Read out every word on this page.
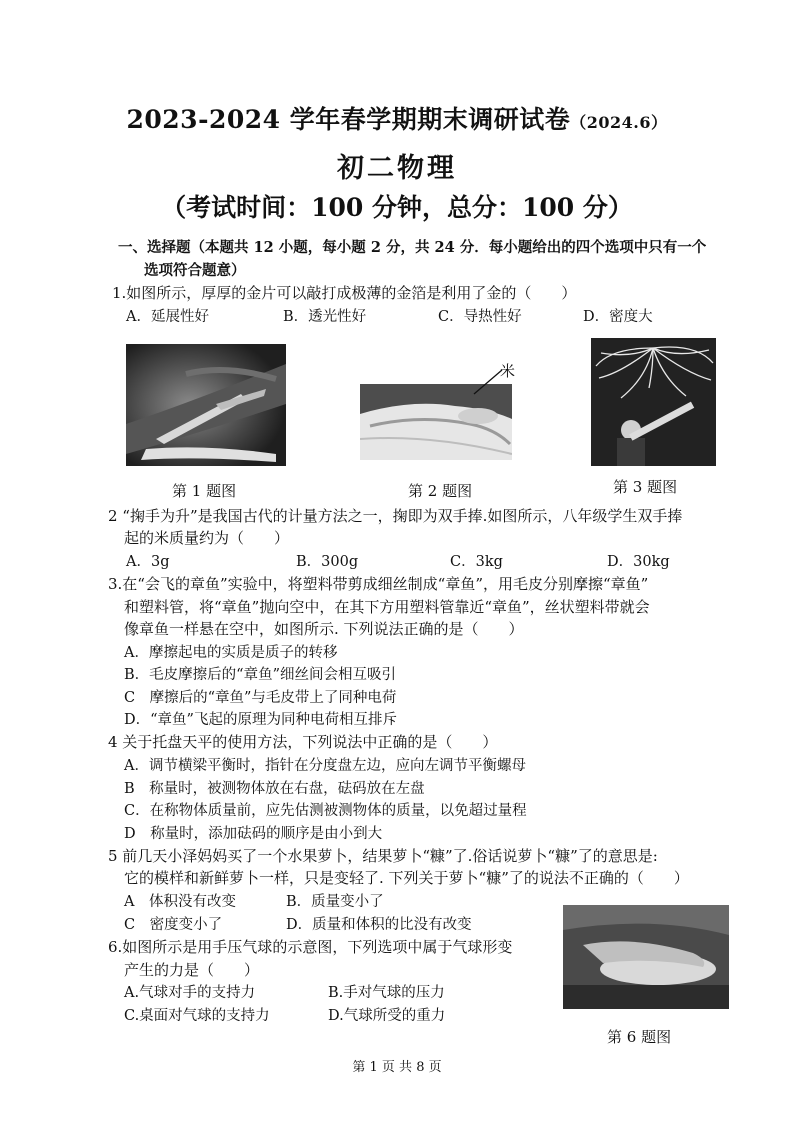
2023-2024 学年春学期期末调研试卷（2024.6）
初二物理
（考试时间：100 分钟，总分：100 分）
一、选择题（本题共 12 小题，每小题 2 分，共 24 分．每小题给出的四个选项中只有一个
选项符合题意）
1.如图所示，厚厚的金片可以敲打成极薄的金箔是利用了金的（　　）
A．延展性好	B．透光性好	C．导热性好	D．密度大
第 1 题图
米
第 2 题图	第 3 题图
2 “掬手为升”是我国古代的计量方法之一，掬即为双手捧.如图所示，八年级学生双手捧
起的米质量约为（　　）
A．3g	B．300g	C．3kg	D．30kg
3.在“会飞的章鱼”实验中，将塑料带剪成细丝制成“章鱼”，用毛皮分别摩擦“章鱼”
和塑料管，将“章鱼”抛向空中，在其下方用塑料管靠近“章鱼”，丝状塑料带就会
像章鱼一样悬在空中，如图所示. 下列说法正确的是（　　）
A．摩擦起电的实质是质子的转移
B．毛皮摩擦后的“章鱼”细丝间会相互吸引
C　摩擦后的“章鱼”与毛皮带上了同种电荷
D．“章鱼”飞起的原理为同种电荷相互排斥
4 关于托盘天平的使用方法，下列说法中正确的是（　　）
A．调节横梁平衡时，指针在分度盘左边，应向左调节平衡螺母
B　称量时，被测物体放在右盘，砝码放在左盘
C．在称物体质量前，应先估测被测物体的质量，以免超过量程
D　称量时，添加砝码的顺序是由小到大
5 前几天小泽妈妈买了一个水果萝卜，结果萝卜“糠”了.俗话说萝卜“糠”了的意思是:
它的模样和新鲜萝卜一样，只是变轻了. 下列关于萝卜“糠”了的说法不正确的（　　）
A　体积没有改变	B．质量变小了
C　密度变小了	D．质量和体积的比没有改变
6.如图所示是用手压气球的示意图，下列选项中属于气球形变
产生的力是（　　）
A.气球对手的支持力	B.手对气球的压力
C.桌面对气球的支持力	D.气球所受的重力
第 6 题图
第 1 页 共 8 页
